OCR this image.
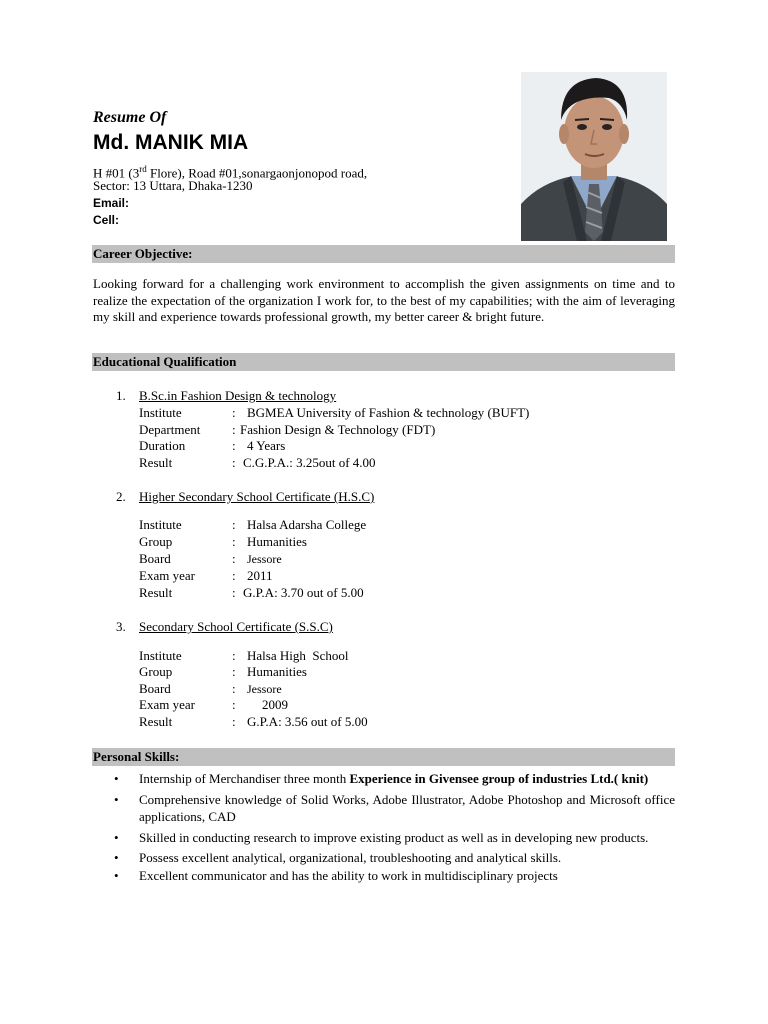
Resume Of
Md. MANIK MIA
H #01 (3rd Flore), Road #01,sonargaonjonopod road,
Sector: 13 Uttara, Dhaka-1230
Email:
Cell:
Career Objective:
Looking forward for a challenging work environment to accomplish the given assignments on time and to realize the expectation of the organization I work for, to the best of my capabilities; with the aim of leveraging my skill and experience towards professional growth, my better career & bright future.
Educational Qualification
1. B.Sc.in Fashion Design & technology
Institute	: BGMEA University of Fashion & technology (BUFT)
Department : Fashion Design & Technology (FDT)
Duration	: 4 Years
Result	: C.G.P.A.: 3.25out of 4.00
2. Higher Secondary School Certificate (H.S.C)
Institute	: Halsa Adarsha College
Group	: Humanities
Board	: Jessore
Exam year	: 2011
Result	: G.P.A: 3.70 out of 5.00
3. Secondary School Certificate (S.S.C)
Institute	: Halsa High  School
Group	: Humanities
Board	: Jessore
Exam year	: 2009
Result	: G.P.A: 3.56 out of 5.00
Personal Skills:
• Internship of Merchandiser three month Experience in Givensee group of industries Ltd.( knit)
• Comprehensive knowledge of Solid Works, Adobe Illustrator, Adobe Photoshop and Microsoft office applications, CAD
• Skilled in conducting research to improve existing product as well as in developing new products.
• Possess excellent analytical, organizational, troubleshooting and analytical skills.
• Excellent communicator and has the ability to work in multidisciplinary projects
